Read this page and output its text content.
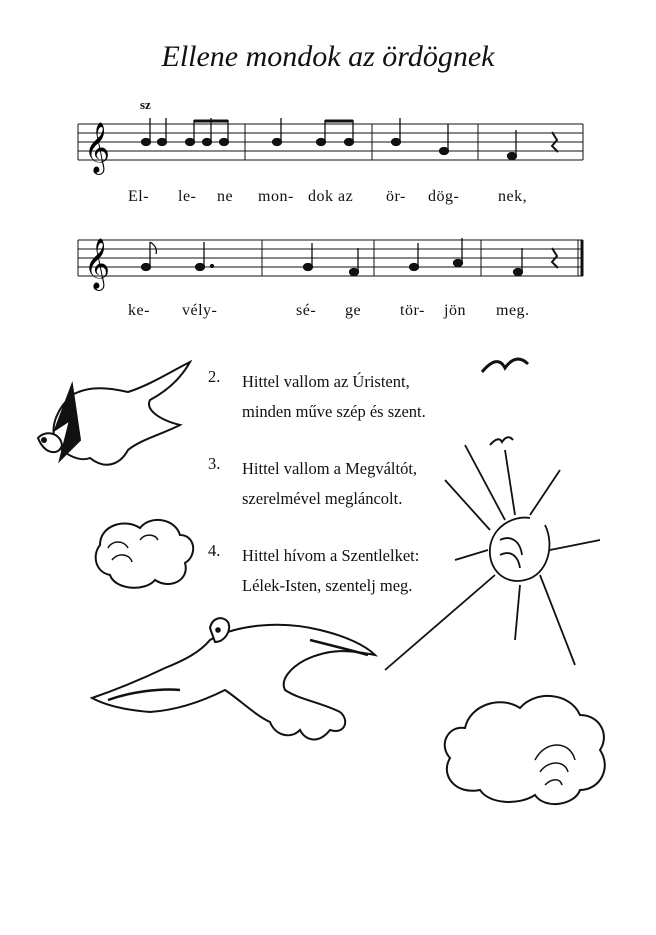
Ellene mondok az ördögnek
sz
𝄞
𝄞
El- le- ne mon- dok az ör- dög- nek,
ke- vély-	sé- ge tör- jön meg.
2.	Hittel vallom az Úristent,
minden műve szép és szent.
3.	Hittel vallom a Megváltót,
szerelmével megláncolt.
4.	Hittel hívom a Szentlelket:
Lélek-Isten, szentelj meg.
